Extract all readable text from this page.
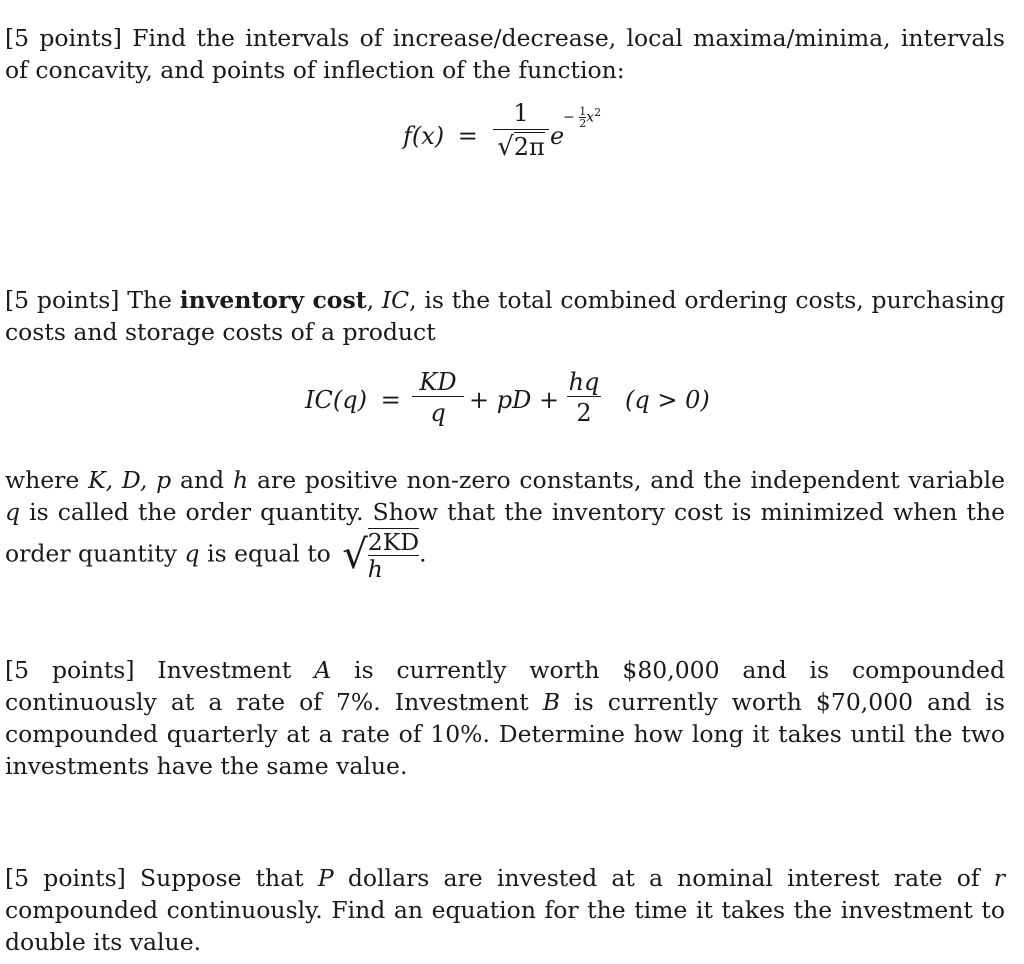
[5 points] Find the intervals of increase/decrease, local maxima/minima, intervals of concavity, and points of inflection of the function:

f(x) =
1
√2π e
− $\frac{1}{2} x^2$

[5 points] The inventory cost, IC, is the total combined ordering costs, purchasing costs and storage costs of a product

$IC(q) = \frac{KD}{q}$ + pD + $\frac{hq}{2} (q > 0)$

where K, D, p and h are positive non-zero constants, and the independent variable q is called the order quantity. Show that the inventory cost is minimized when the order quantity q is equal to √ $\frac{2KD}{h}$ .

[5 points] Investment A is currently worth $80,000 and is compounded continuously at a rate of 7%. Investment B is currently worth $70,000 and is compounded quarterly at a rate of 10%. Determine how long it takes until the two investments have the same value.

[5 points] Suppose that P dollars are invested at a nominal interest rate of r compounded continuously. Find an equation for the time it takes the investment to double its value.
